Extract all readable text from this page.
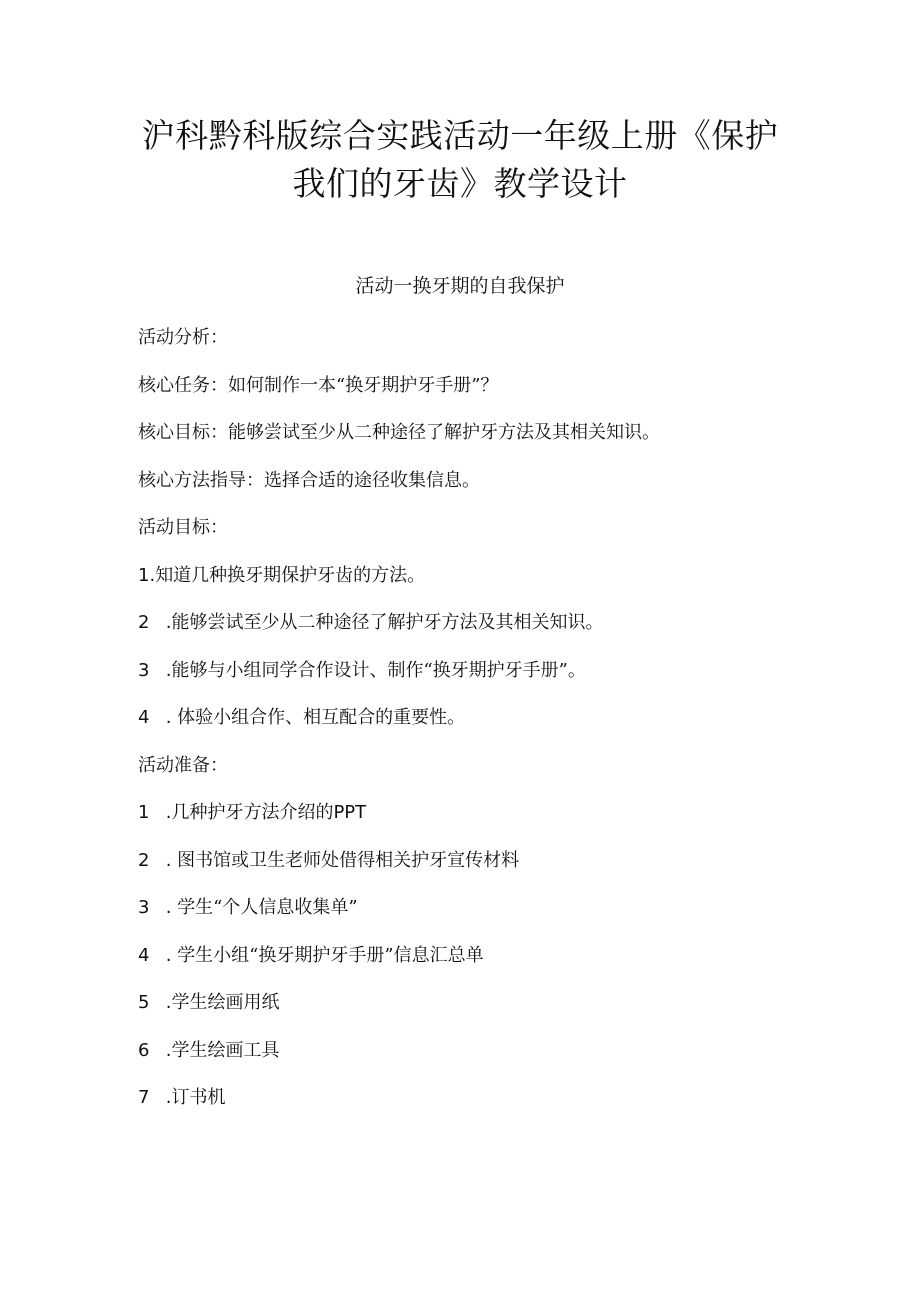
沪科黔科版综合实践活动一年级上册《保护
我们的牙齿》教学设计
活动一换牙期的自我保护
活动分析：
核心任务：如何制作一本“换牙期护牙手册”？
核心目标：能够尝试至少从二种途径了解护牙方法及其相关知识。
核心方法指导：选择合适的途径收集信息。
活动目标：
1.知道几种换牙期保护牙齿的方法。
2 .能够尝试至少从二种途径了解护牙方法及其相关知识。
3 .能够与小组同学合作设计、制作“换牙期护牙手册”。
4 . 体验小组合作、相互配合的重要性。
活动准备：
1 .几种护牙方法介绍的PPT
2 . 图书馆或卫生老师处借得相关护牙宣传材料
3 . 学生“个人信息收集单”
4 . 学生小组“换牙期护牙手册”信息汇总单
5 .学生绘画用纸
6 .学生绘画工具
7 .订书机
